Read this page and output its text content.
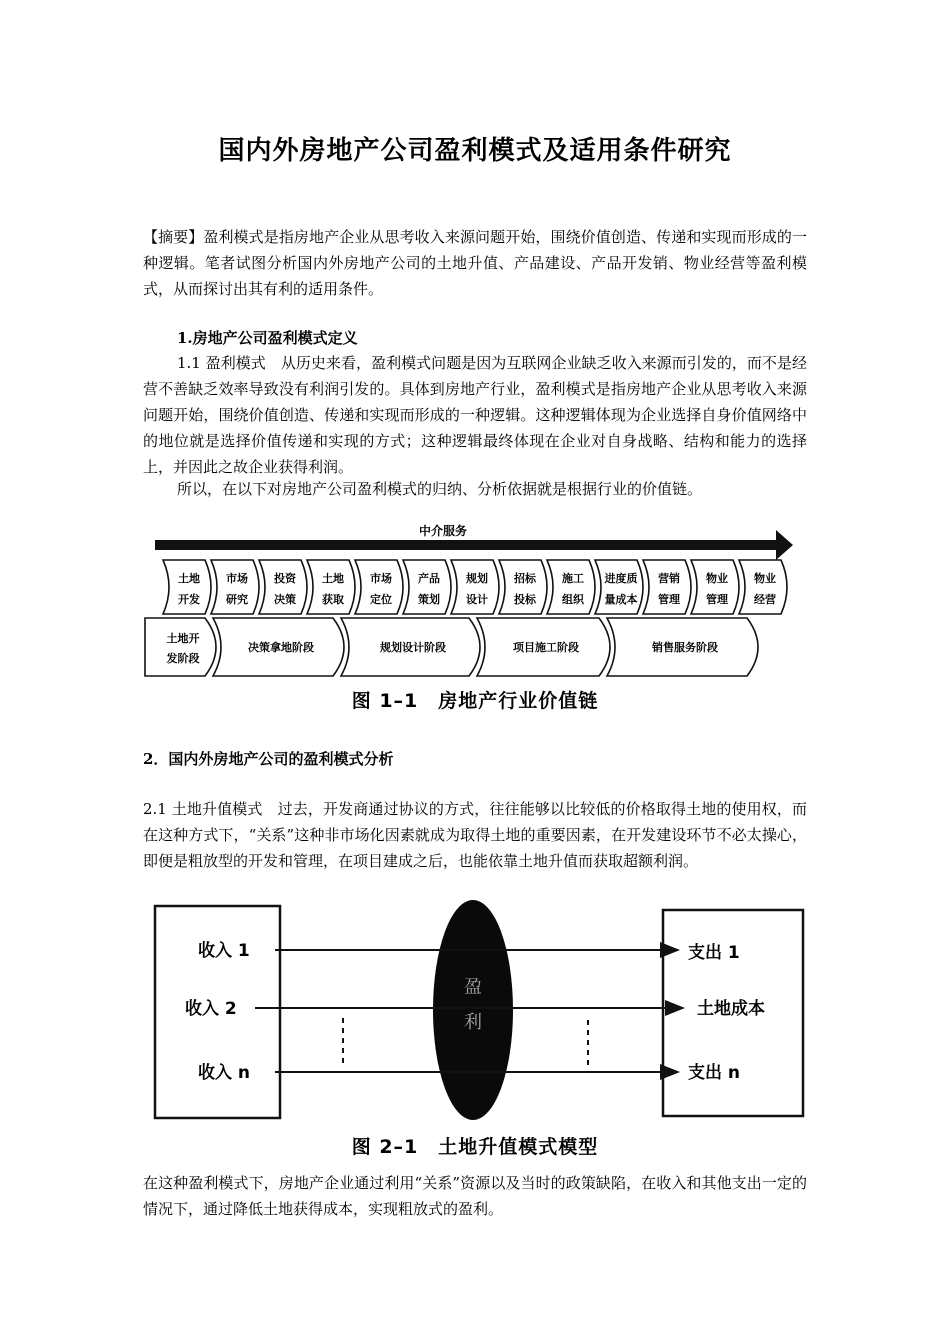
国内外房地产公司盈利模式及适用条件研究

【摘要】盈利模式是指房地产企业从思考收入来源问题开始，围绕价值创造、传递和实现而形成的一种逻辑。笔者试图分析国内外房地产公司的土地升值、产品建设、产品开发销、物业经营等盈利模式，从而探讨出其有利的适用条件。

1.房地产公司盈利模式定义

1.1 盈利模式　从历史来看，盈利模式问题是因为互联网企业缺乏收入来源而引发的，而不是经营不善缺乏效率导致没有利润引发的。具体到房地产行业，盈利模式是指房地产企业从思考收入来源问题开始，围绕价值创造、传递和实现而形成的一种逻辑。这种逻辑体现为企业选择自身价值网络中的地位就是选择价值传递和实现的方式；这种逻辑最终体现在企业对自身战略、结构和能力的选择上，并因此之故企业获得利润。

所以，在以下对房地产公司盈利模式的归纳、分析依据就是根据行业的价值链。

中介服务
土地
开发
市场
研究
投资
决策
土地
获取
市场
定位
产品
策划
规划
设计
招标
投标
施工
组织
进度质
量成本
营销
管理
物业
管理
物业
经营
土地开
发阶段
决策拿地阶段	规划设计阶段	项目施工阶段	销售服务阶段
图 1–1　房地产行业价值链

2．国内外房地产公司的盈利模式分析

2.1 土地升值模式　过去，开发商通过协议的方式，往往能够以比较低的价格取得土地的使用权，而在这种方式下，“关系”这种非市场化因素就成为取得土地的重要因素，在开发建设环节不必太操心，即便是粗放型的开发和管理，在项目建成之后，也能依靠土地升值而获取超额利润。

收入 1
收入 2
收入 n
盈
利
支出 1
土地成本
支出 n
图 2–1　土地升值模式模型

在这种盈利模式下，房地产企业通过利用“关系”资源以及当时的政策缺陷，在收入和其他支出一定的情况下，通过降低土地获得成本，实现粗放式的盈利。
